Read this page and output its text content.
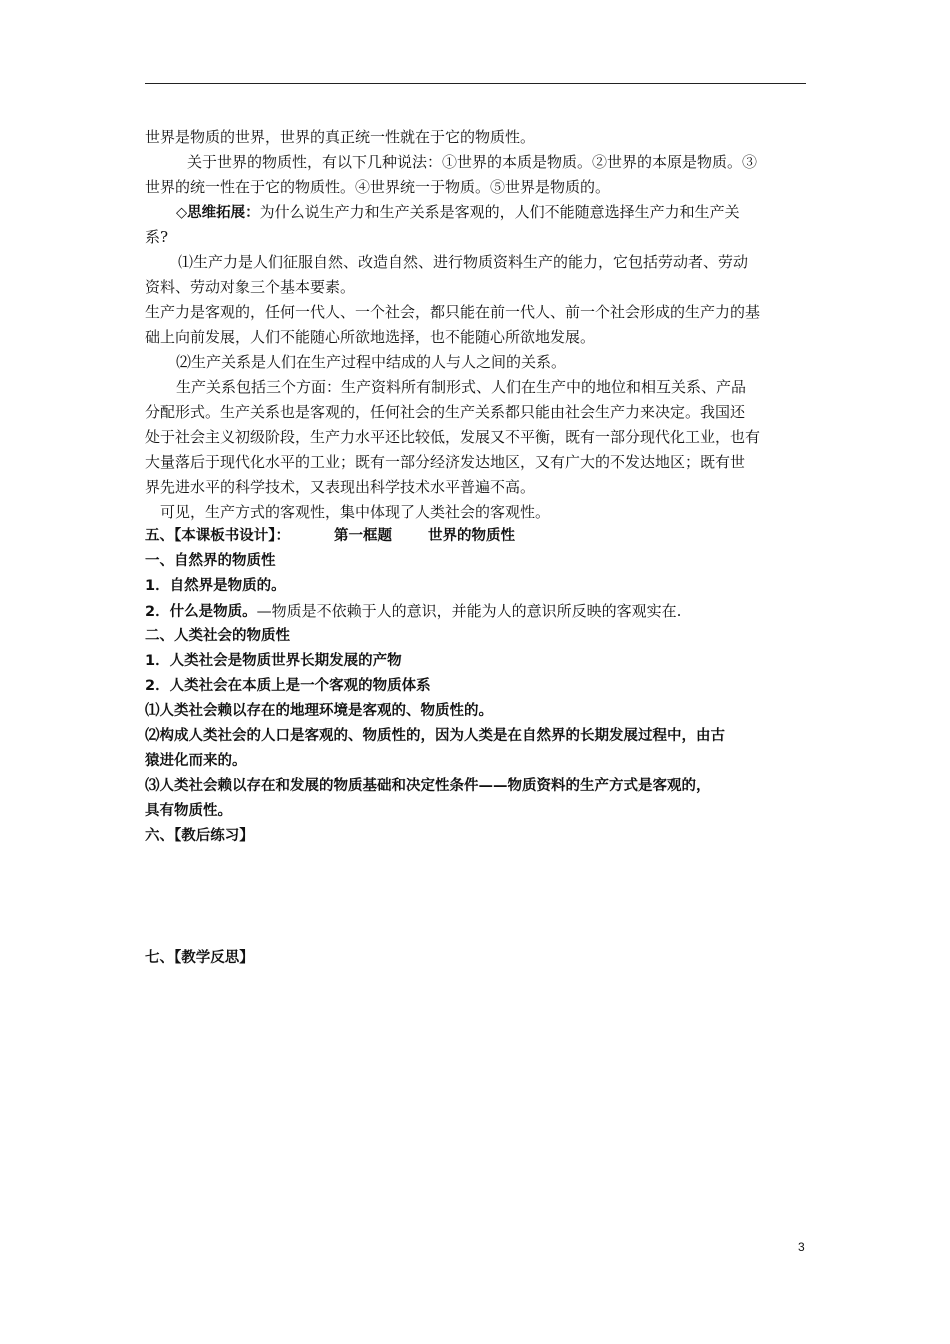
世界是物质的世界，世界的真正统一性就在于它的物质性。
关于世界的物质性，有以下几种说法：①世界的本质是物质。②世界的本原是物质。③
世界的统一性在于它的物质性。④世界统一于物质。⑤世界是物质的。
◇思维拓展：为什么说生产力和生产关系是客观的，人们不能随意选择生产力和生产关
系?
⑴生产力是人们征服自然、改造自然、进行物质资料生产的能力，它包括劳动者、劳动
资料、劳动对象三个基本要素。
生产力是客观的，任何一代人、一个社会，都只能在前一代人、前一个社会形成的生产力的基
础上向前发展，人们不能随心所欲地选择，也不能随心所欲地发展。
⑵生产关系是人们在生产过程中结成的人与人之间的关系。
生产关系包括三个方面：生产资料所有制形式、人们在生产中的地位和相互关系、产品
分配形式。生产关系也是客观的，任何社会的生产关系都只能由社会生产力来决定。我国还
处于社会主义初级阶段，生产力水平还比较低，发展又不平衡，既有一部分现代化工业，也有
大量落后于现代化水平的工业；既有一部分经济发达地区，又有广大的不发达地区；既有世
界先进水平的科学技术，又表现出科学技术水平普遍不高。
可见，生产方式的客观性，集中体现了人类社会的客观性。
五、【本课板书设计】：	第一框题 世界的物质性
一、自然界的物质性
1．自然界是物质的。
2．什么是物质。—物质是不依赖于人的意识，并能为人的意识所反映的客观实在.
二、人类社会的物质性
1．人类社会是物质世界长期发展的产物
2．人类社会在本质上是一个客观的物质体系
⑴人类社会赖以存在的地理环境是客观的、物质性的。
⑵构成人类社会的人口是客观的、物质性的，因为人类是在自然界的长期发展过程中，由古
猿进化而来的。
⑶人类社会赖以存在和发展的物质基础和决定性条件——物质资料的生产方式是客观的，
具有物质性。
六、【教后练习】
七、【教学反思】
3
